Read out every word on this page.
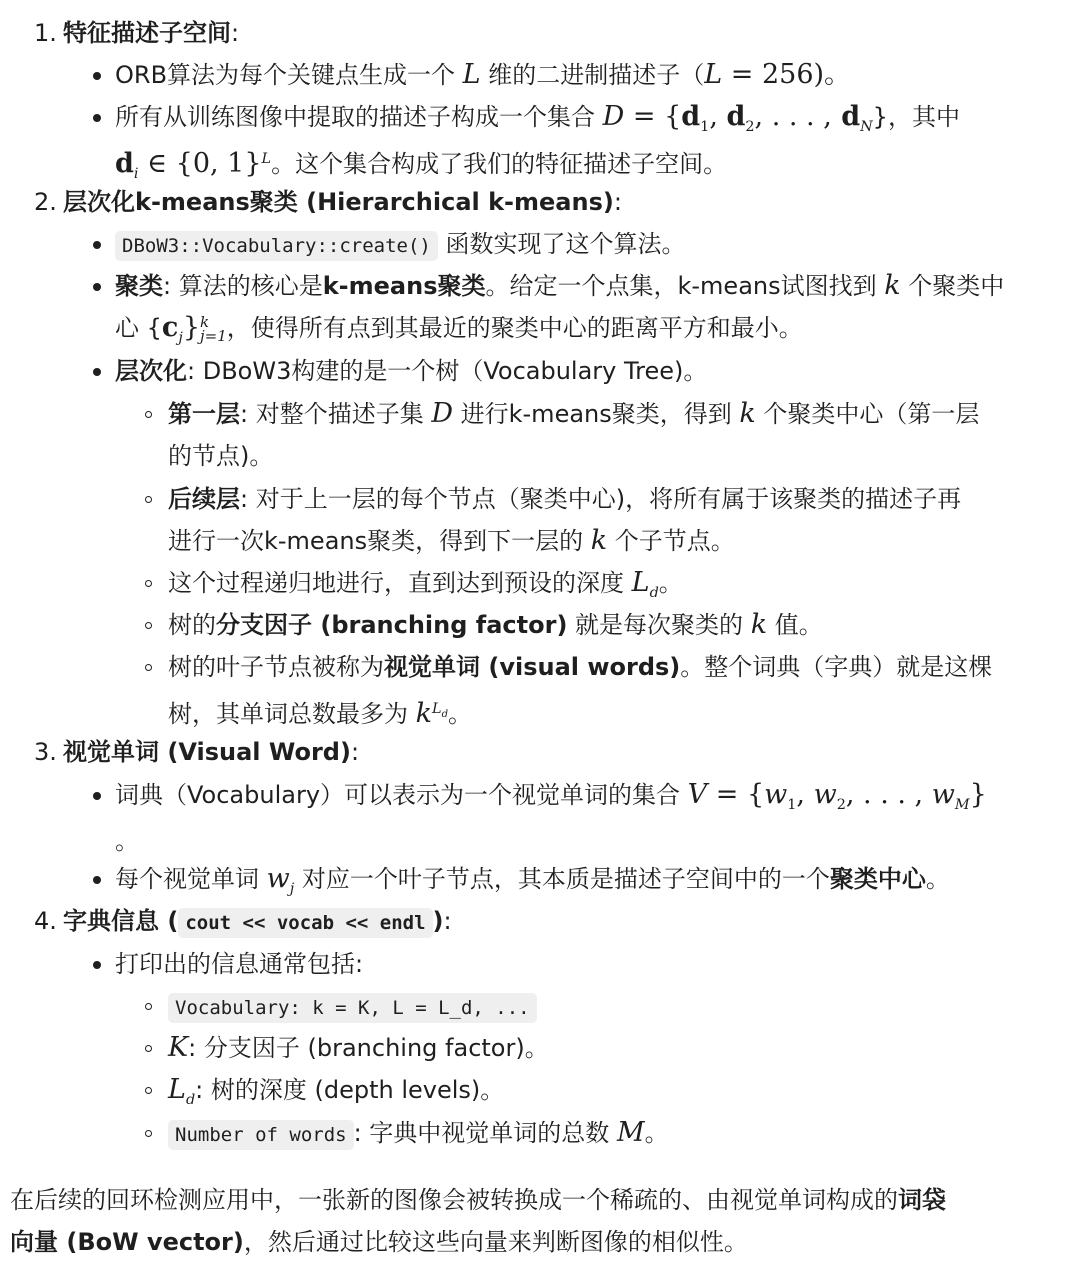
1. 特征描述子空间:
ORB算法为每个关键点生成一个 L 维的二进制描述子（L = 256)。
所有从训练图像中提取的描述子构成一个集合 $D = \{d_1$, $d_2$, . . . , $d_N$}，其中
$d_i$ ∈ {0, 1}$^L$。这个集合构成了我们的特征描述子空间。
2. 层次化k-means聚类 (Hierarchical k-means):
DBoW3::Vocabulary::create() 函数实现了这个算法。
聚类: 算法的核心是k-means聚类。给定一个点集，k-means试图找到 k 个聚类中
心 $\{c_j\}$ k
j=1 ，使得所有点到其最近的聚类中心的距离平方和最小。
层次化: DBoW3构建的是一个树（Vocabulary Tree)。
第一层: 对整个描述子集 D 进行k-means聚类，得到 k 个聚类中心（第一层
的节点)。
后续层: 对于上一层的每个节点（聚类中心)，将所有属于该聚类的描述子再
进行一次k-means聚类，得到下一层的 k 个子节点。
这个过程递归地进行，直到达到预设的深度 $L_d$。
树的分支因子 (branching factor) 就是每次聚类的 k 值。
树的叶子节点被称为视觉单词 (visual words)。整个词典（字典）就是这棵
树，其单词总数最多为 $k^{L_d}$。
3. 视觉单词 (Visual Word):
词典（Vocabulary）可以表示为一个视觉单词的集合 $V = \{w_1$, $w_2$, . . . , $w_M$}
。
每个视觉单词 $w_j$ 对应一个叶子节点，其本质是描述子空间中的一个聚类中心。
4. 字典信息 ( cout << vocab << endl ):
打印出的信息通常包括:
Vocabulary: k = K, L = L_d, ...
K: 分支因子 (branching factor)。
$L_d$: 树的深度 (depth levels)。
Number of words : 字典中视觉单词的总数 M。
在后续的回环检测应用中，一张新的图像会被转换成一个稀疏的、由视觉单词构成的词袋
向量 (BoW vector)，然后通过比较这些向量来判断图像的相似性。
